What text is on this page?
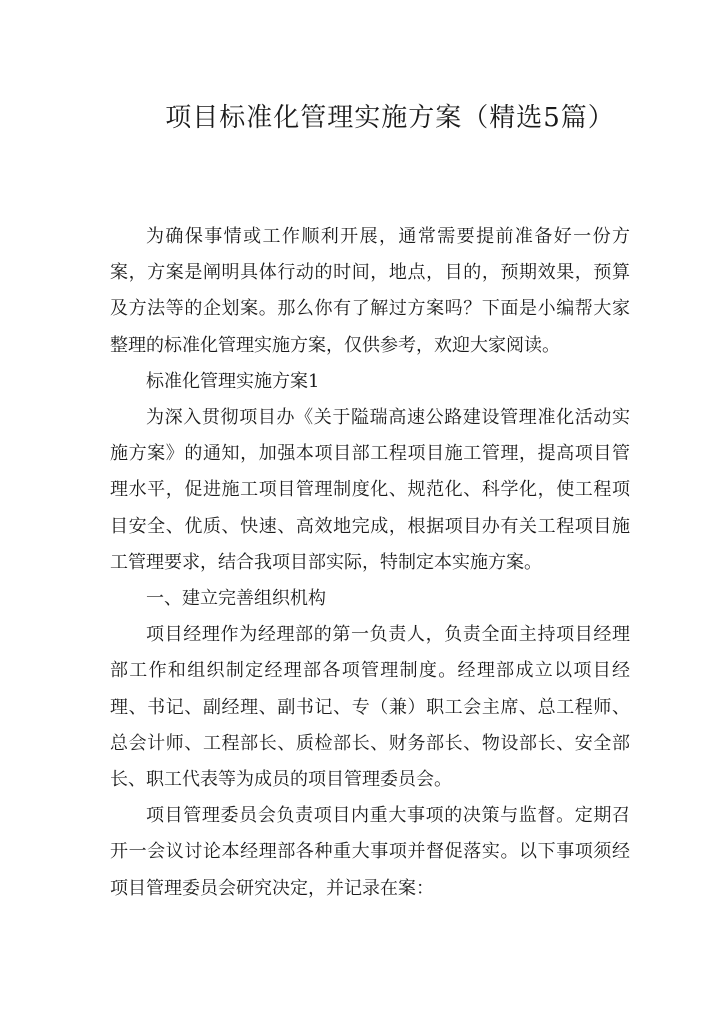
项目标准化管理实施方案（精选5篇）

为确保事情或工作顺利开展，通常需要提前准备好一份方案，方案是阐明具体行动的时间，地点，目的，预期效果，预算及方法等的企划案。那么你有了解过方案吗？下面是小编帮大家整理的标准化管理实施方案，仅供参考，欢迎大家阅读。

标准化管理实施方案1

为深入贯彻项目办《关于隘瑞高速公路建设管理准化活动实施方案》的通知，加强本项目部工程项目施工管理，提高项目管理水平，促进施工项目管理制度化、规范化、科学化，使工程项目安全、优质、快速、高效地完成，根据项目办有关工程项目施工管理要求，结合我项目部实际，特制定本实施方案。

一、建立完善组织机构

项目经理作为经理部的第一负责人，负责全面主持项目经理部工作和组织制定经理部各项管理制度。经理部成立以项目经理、书记、副经理、副书记、专（兼）职工会主席、总工程师、总会计师、工程部长、质检部长、财务部长、物设部长、安全部长、职工代表等为成员的项目管理委员会。

项目管理委员会负责项目内重大事项的决策与监督。定期召开一会议讨论本经理部各种重大事项并督促落实。以下事项须经项目管理委员会研究决定，并记录在案：
